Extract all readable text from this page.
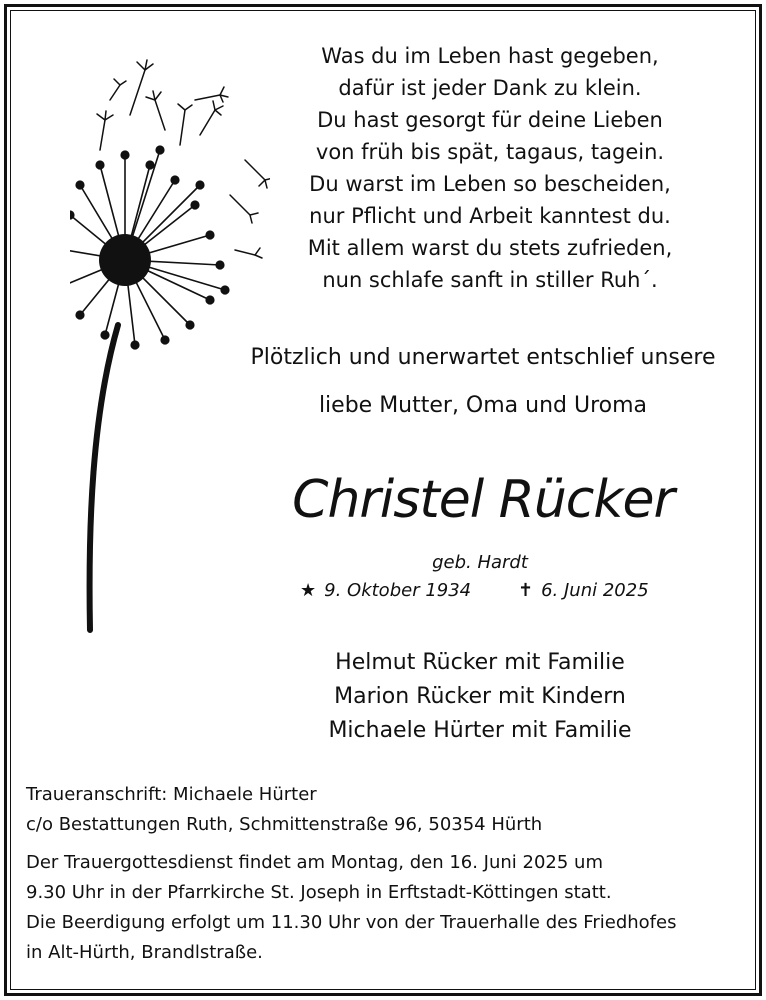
Was du im Leben hast gegeben,
dafür ist jeder Dank zu klein.
Du hast gesorgt für deine Lieben
von früh bis spät, tagaus, tagein.
Du warst im Leben so bescheiden,
nur Pflicht und Arbeit kanntest du.
Mit allem warst du stets zufrieden,
nun schlafe sanft in stiller Ruh´.
Plötzlich und unerwartet entschlief unsere
liebe Mutter, Oma und Uroma
Christel Rücker
geb. Hardt
★ 9. Oktober 1934	✝ 6. Juni 2025
Helmut Rücker mit Familie
Marion Rücker mit Kindern
Michaele Hürter mit Familie
Traueranschrift: Michaele Hürter
c/o Bestattungen Ruth, Schmittenstraße 96, 50354 Hürth
Der Trauergottesdienst findet am Montag, den 16. Juni 2025 um
9.30 Uhr in der Pfarrkirche St. Joseph in Erftstadt-Köttingen statt.
Die Beerdigung erfolgt um 11.30 Uhr von der Trauerhalle des Friedhofes
in Alt-Hürth, Brandlstraße.
